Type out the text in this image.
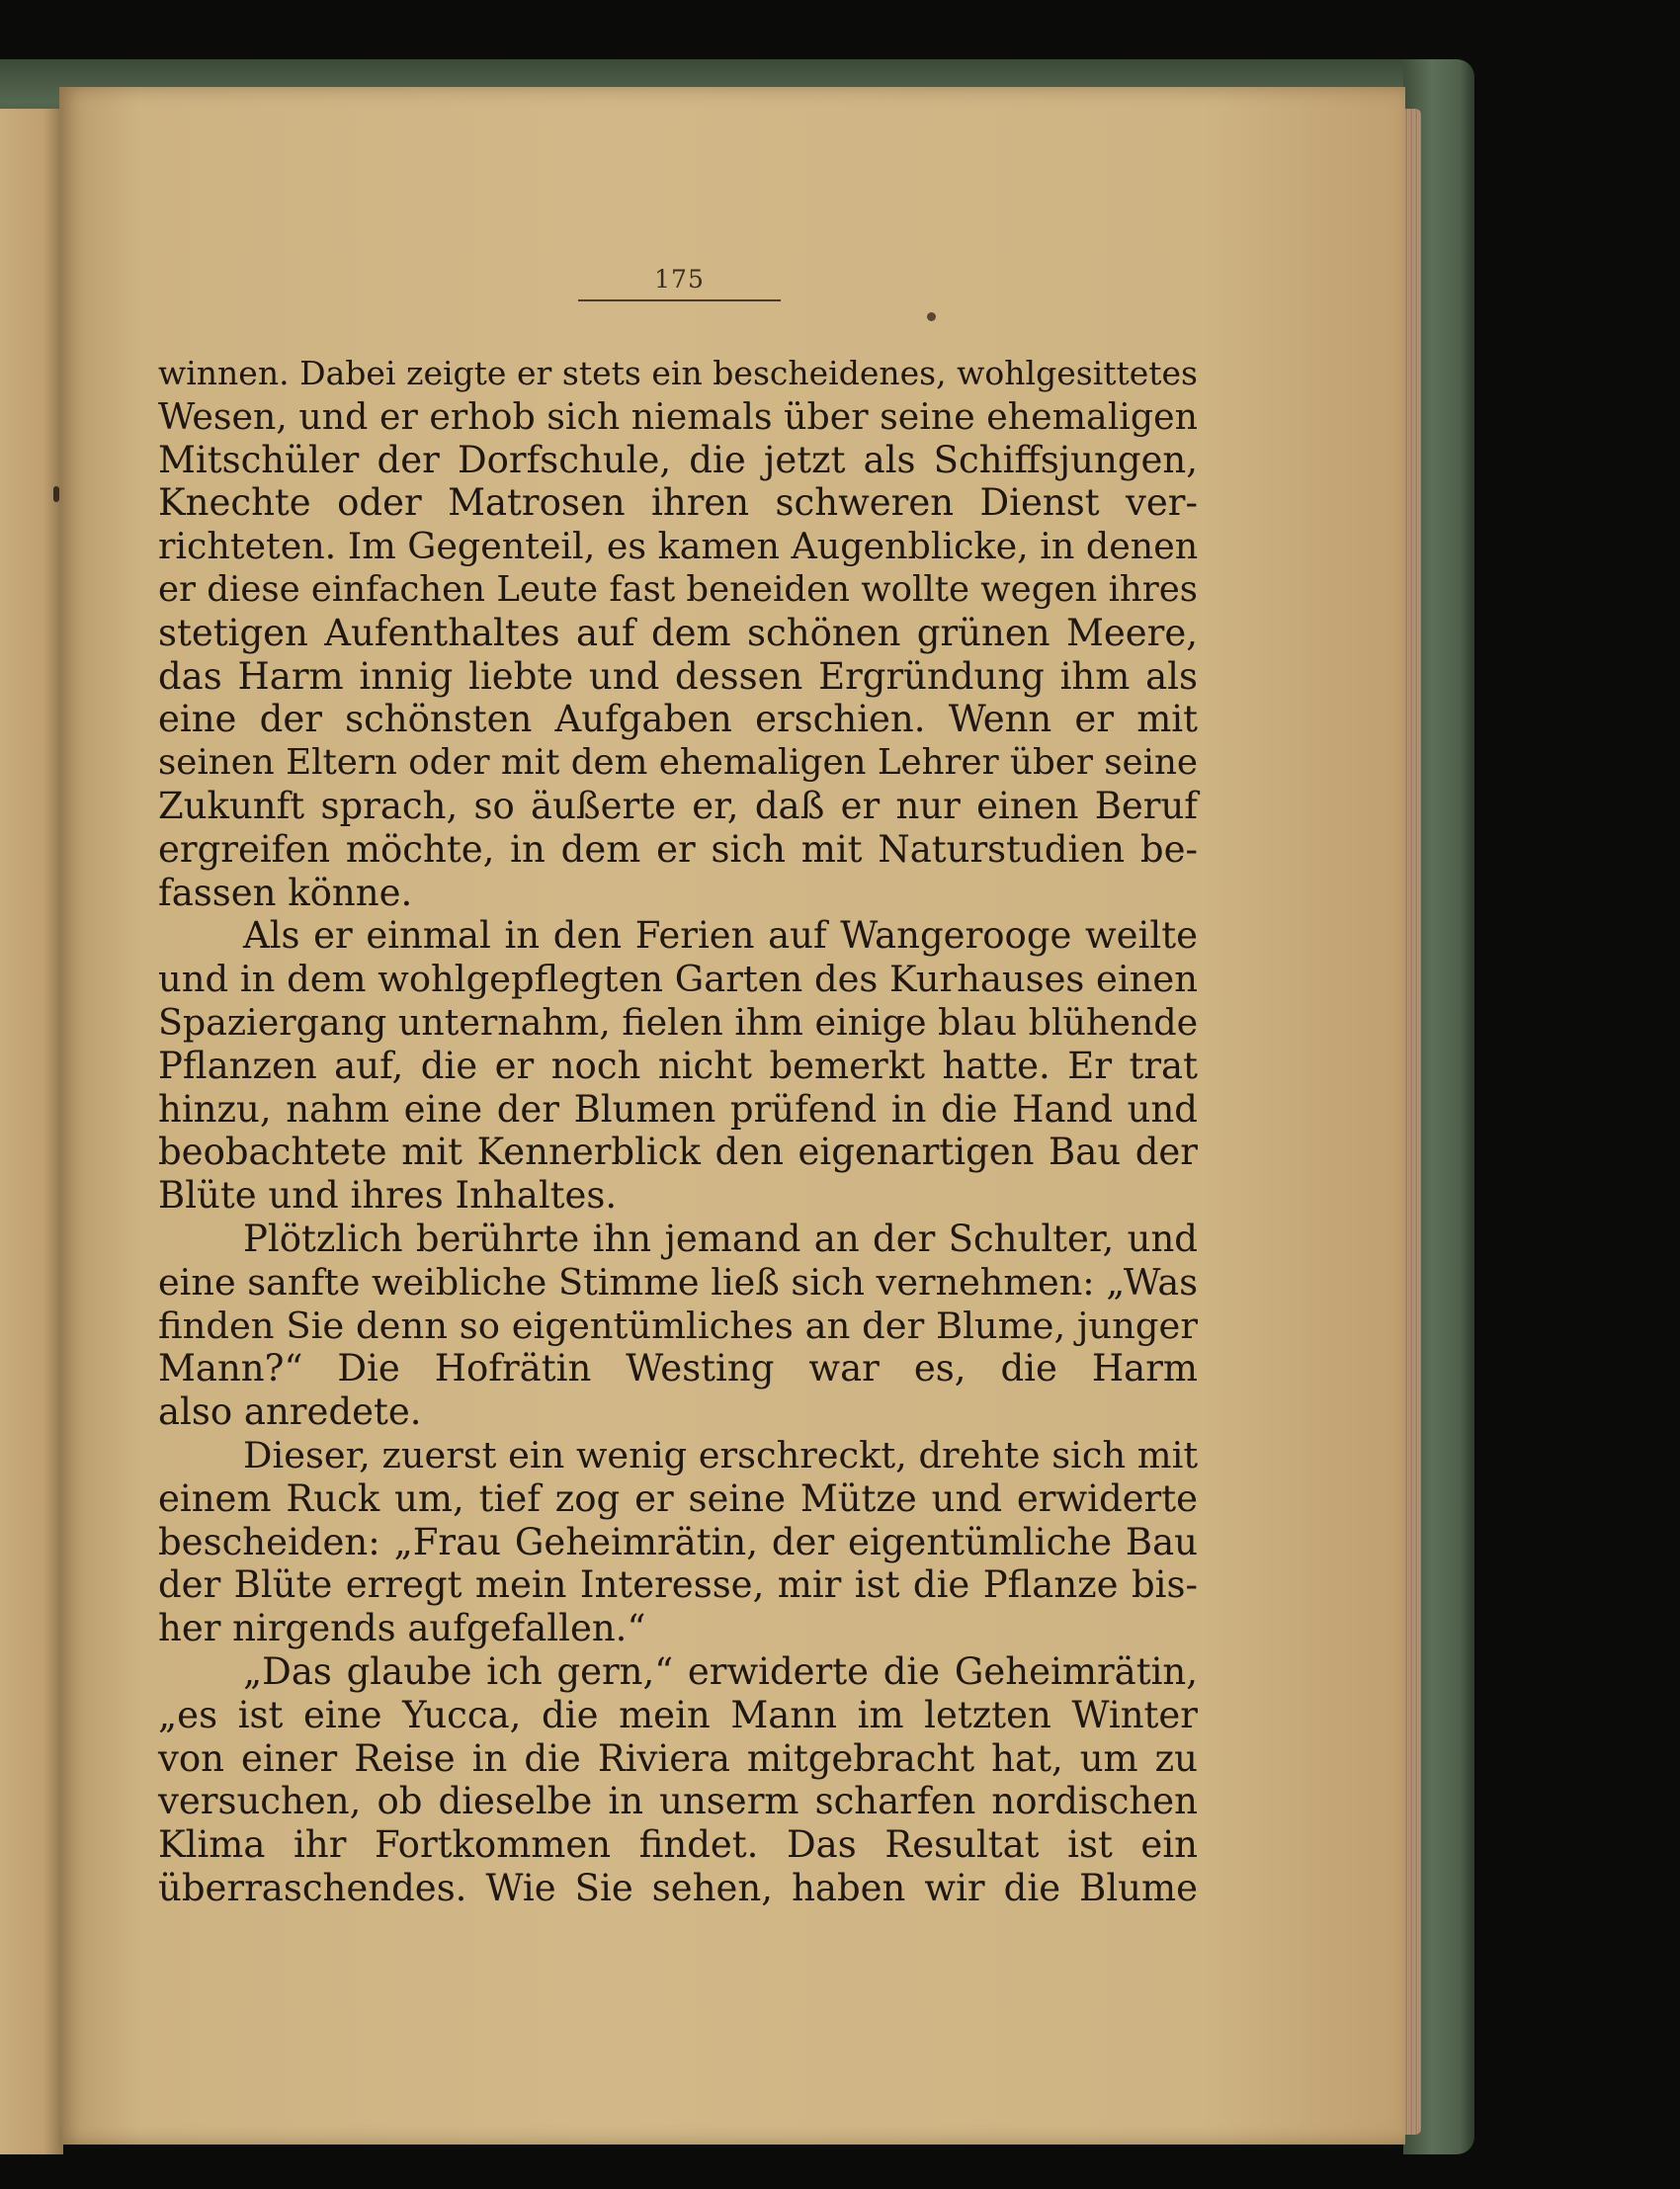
175
winnen. Dabei zeigte er stets ein bescheidenes, wohlgesittetes
Wesen, und er erhob sich niemals über seine ehemaligen
Mitschüler der Dorfschule, die jetzt als Schiffsjungen,
Knechte oder Matrosen ihren schweren Dienst ver-
richteten. Im Gegenteil, es kamen Augenblicke, in denen
er diese einfachen Leute fast beneiden wollte wegen ihres
stetigen Aufenthaltes auf dem schönen grünen Meere,
das Harm innig liebte und dessen Ergründung ihm als
eine der schönsten Aufgaben erschien. Wenn er mit
seinen Eltern oder mit dem ehemaligen Lehrer über seine
Zukunft sprach, so äußerte er, daß er nur einen Beruf
ergreifen möchte, in dem er sich mit Naturstudien be-
fassen könne.
Als er einmal in den Ferien auf Wangerooge weilte
und in dem wohlgepflegten Garten des Kurhauses einen
Spaziergang unternahm, fielen ihm einige blau blühende
Pflanzen auf, die er noch nicht bemerkt hatte. Er trat
hinzu, nahm eine der Blumen prüfend in die Hand und
beobachtete mit Kennerblick den eigenartigen Bau der
Blüte und ihres Inhaltes.
Plötzlich berührte ihn jemand an der Schulter, und
eine sanfte weibliche Stimme ließ sich vernehmen: „Was
finden Sie denn so eigentümliches an der Blume, junger
Mann?“ Die Hofrätin Westing war es, die Harm
also anredete.
Dieser, zuerst ein wenig erschreckt, drehte sich mit
einem Ruck um, tief zog er seine Mütze und erwiderte
bescheiden: „Frau Geheimrätin, der eigentümliche Bau
der Blüte erregt mein Interesse, mir ist die Pflanze bis-
her nirgends aufgefallen.“
„Das glaube ich gern,“ erwiderte die Geheimrätin,
„es ist eine Yucca, die mein Mann im letzten Winter
von einer Reise in die Riviera mitgebracht hat, um zu
versuchen, ob dieselbe in unserm scharfen nordischen
Klima ihr Fortkommen findet. Das Resultat ist ein
überraschendes. Wie Sie sehen, haben wir die Blume
